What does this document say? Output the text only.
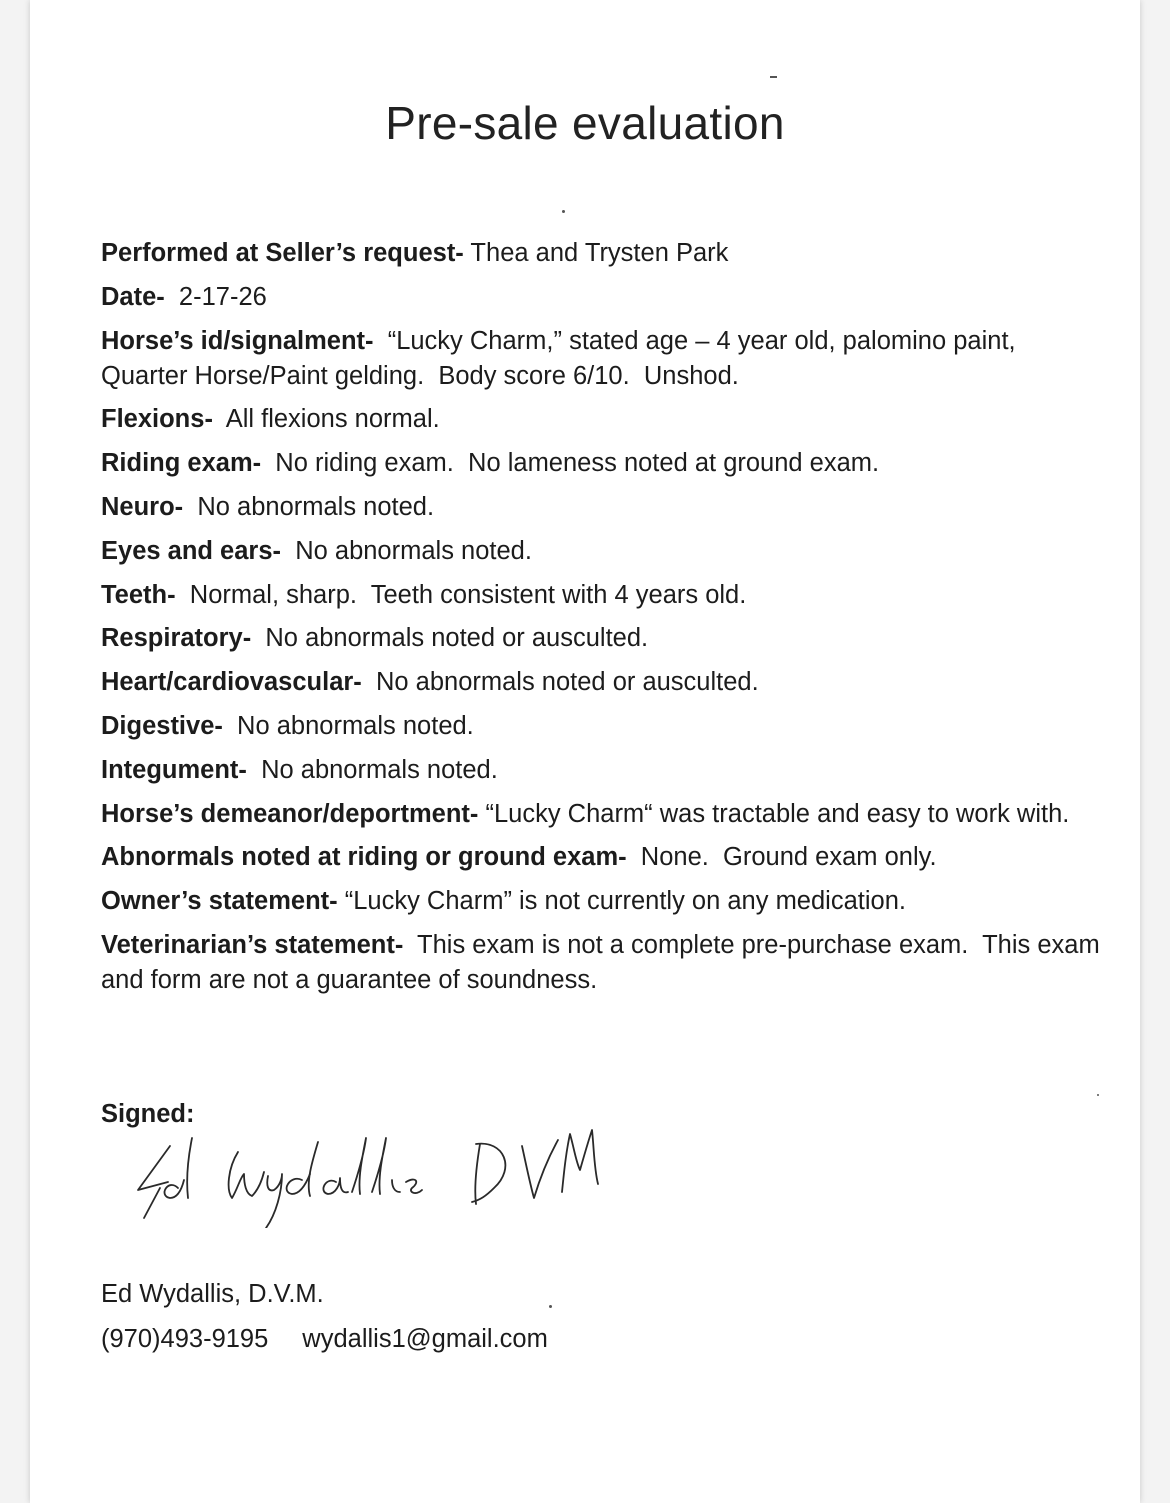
Pre-sale evaluation

Performed at Seller’s request- Thea and Trysten Park

Date-  2-17-26

Horse’s id/signalment-  “Lucky Charm,” stated age – 4 year old, palomino paint, Quarter Horse/Paint gelding.  Body score 6/10.  Unshod.

Flexions-  All flexions normal.

Riding exam-  No riding exam.  No lameness noted at ground exam.

Neuro-  No abnormals noted.

Eyes and ears-  No abnormals noted.

Teeth-  Normal, sharp.  Teeth consistent with 4 years old.

Respiratory-  No abnormals noted or ausculted.

Heart/cardiovascular-  No abnormals noted or ausculted.

Digestive-  No abnormals noted.

Integument-  No abnormals noted.

Horse’s demeanor/deportment- “Lucky Charm“ was tractable and easy to work with.

Abnormals noted at riding or ground exam-  None.  Ground exam only.

Owner’s statement- “Lucky Charm” is not currently on any medication.

Veterinarian’s statement-  This exam is not a complete pre-purchase exam.  This exam and form are not a guarantee of soundness.

Signed:

Ed Wydallis, D.V.M.

(970)493-9195 wydallis1@gmail.com
